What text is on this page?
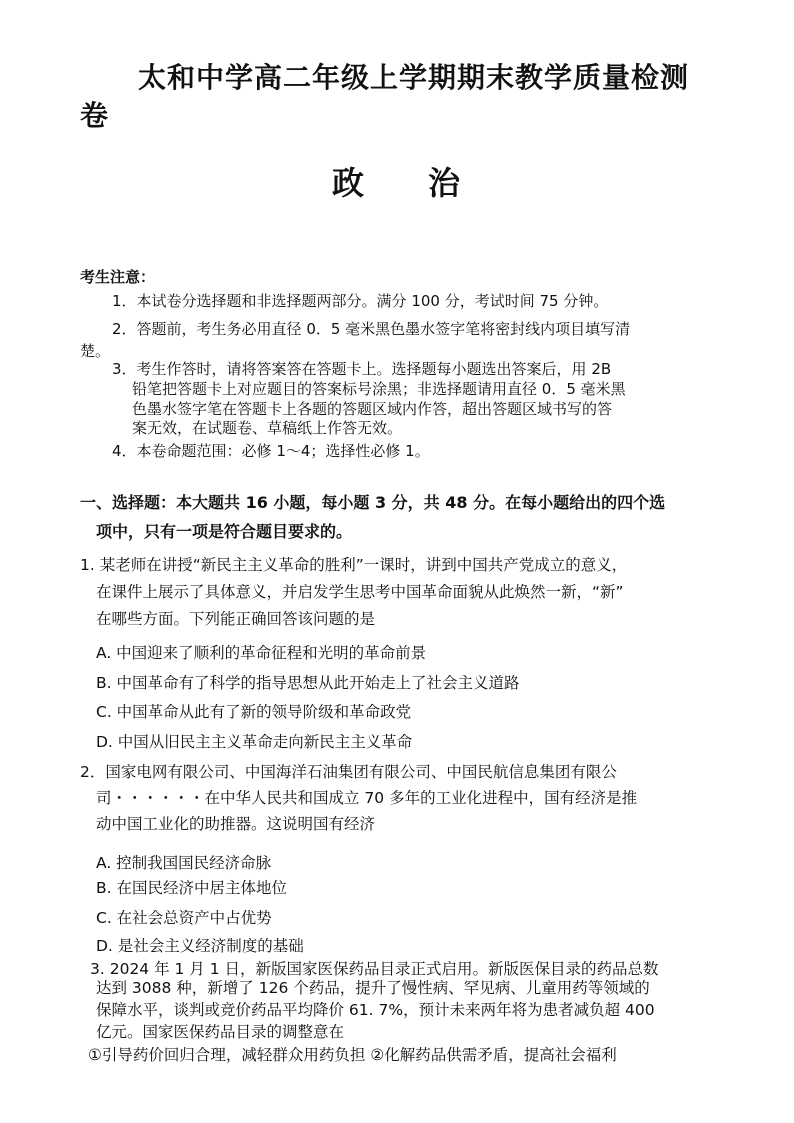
太和中学高二年级上学期期末教学质量检测
卷
政 治
考生注意：
1．本试卷分选择题和非选择题两部分。满分 100 分，考试时间 75 分钟。
2．答题前，考生务必用直径 0．5 毫米黑色墨水签字笔将密封线内项目填写清
楚。
3．考生作答时，请将答案答在答题卡上。选择题每小题选出答案后，用 2B
铅笔把答题卡上对应题目的答案标号涂黑；非选择题请用直径 0．5 毫米黑
色墨水签字笔在答题卡上各题的答题区域内作答，超出答题区域书写的答
案无效，在试题卷、草稿纸上作答无效。
4．本卷命题范围：必修 1～4；选择性必修 1。
一、选择题：本大题共 16 小题，每小题 3 分，共 48 分。在每小题给出的四个选
项中，只有一项是符合题目要求的。
1. 某老师在讲授“新民主主义革命的胜利”一课时，讲到中国共产党成立的意义，
在课件上展示了具体意义，并启发学生思考中国革命面貌从此焕然一新，“新”
在哪些方面。下列能正确回答该问题的是
A. 中国迎来了顺利的革命征程和光明的革命前景
B. 中国革命有了科学的指导思想从此开始走上了社会主义道路
C. 中国革命从此有了新的领导阶级和革命政党
D. 中国从旧民主主义革命走向新民主主义革命
2．国家电网有限公司、中国海洋石油集团有限公司、中国民航信息集团有限公
司・・・・・・在中华人民共和国成立 70 多年的工业化进程中，国有经济是推
动中国工业化的助推器。这说明国有经济
A. 控制我国国民经济命脉
B. 在国民经济中居主体地位
C. 在社会总资产中占优势
D. 是社会主义经济制度的基础
3. 2024 年 1 月 1 日，新版国家医保药品目录正式启用。新版医保目录的药品总数
达到 3088 种，新增了 126 个药品，提升了慢性病、罕见病、儿童用药等领域的
保障水平，谈判或竞价药品平均降价 61. 7%，预计未来两年将为患者减负超 400
亿元。国家医保药品目录的调整意在
①引导药价回归合理，减轻群众用药负担 ②化解药品供需矛盾，提高社会福利
